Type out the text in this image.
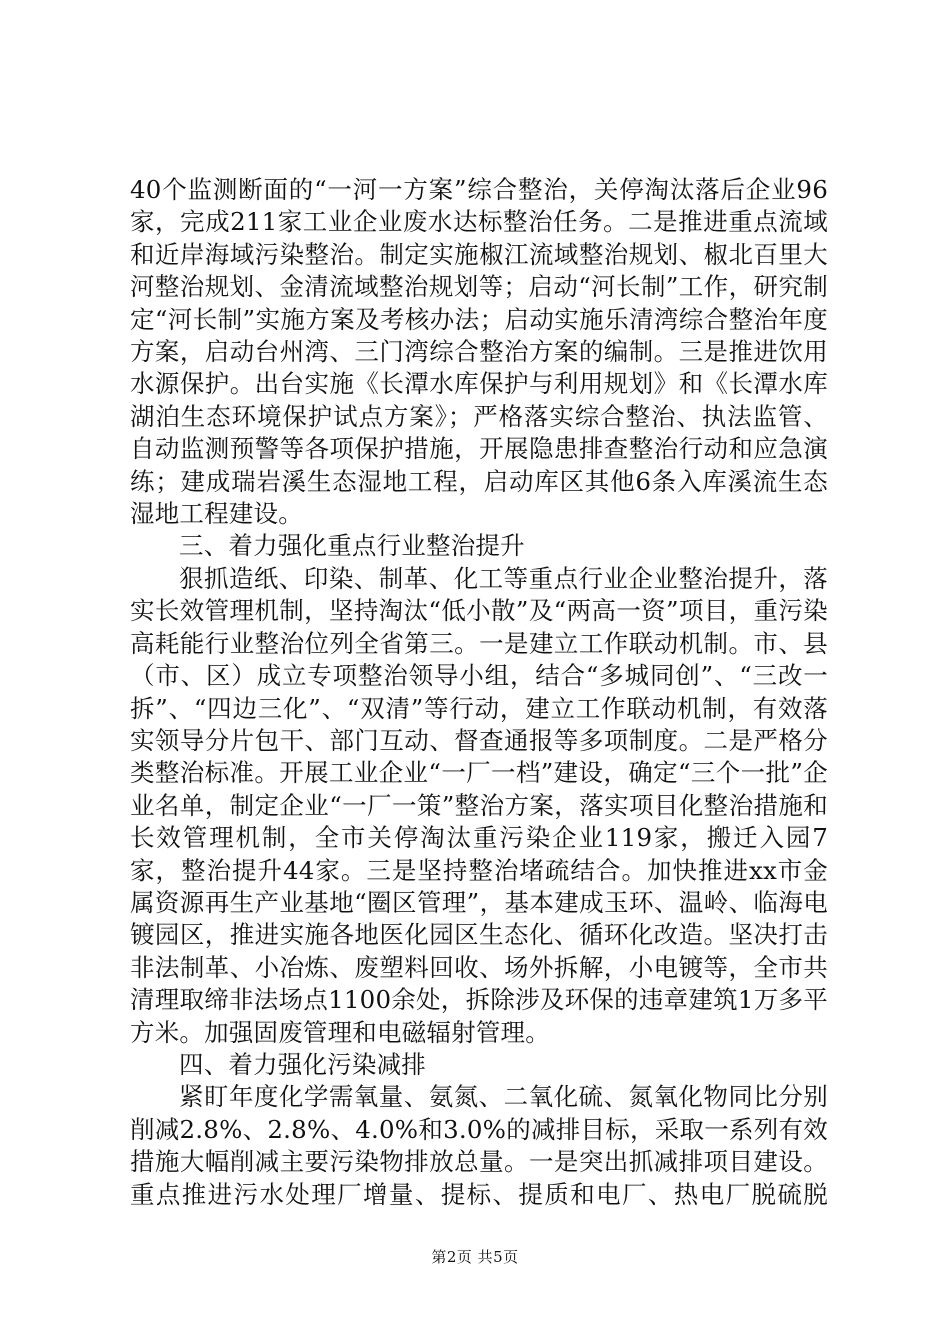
40个监测断面的“一河一方案”综合整治，关停淘汰落后企业96家，完成211家工业企业废水达标整治任务。二是推进重点流域和近岸海域污染整治。制定实施椒江流域整治规划、椒北百里大河整治规划、金清流域整治规划等；启动“河长制”工作，研究制定“河长制”实施方案及考核办法；启动实施乐清湾综合整治年度方案，启动台州湾、三门湾综合整治方案的编制。三是推进饮用水源保护。出台实施《长潭水库保护与利用规划》和《长潭水库湖泊生态环境保护试点方案》；严格落实综合整治、执法监管、自动监测预警等各项保护措施，开展隐患排查整治行动和应急演练；建成瑞岩溪生态湿地工程，启动库区其他6条入库溪流生态湿地工程建设。

三、着力强化重点行业整治提升

狠抓造纸、印染、制革、化工等重点行业企业整治提升，落实长效管理机制，坚持淘汰“低小散”及“两高一资”项目，重污染高耗能行业整治位列全省第三。一是建立工作联动机制。市、县（市、区）成立专项整治领导小组，结合“多城同创”、“三改一拆”、“四边三化”、“双清”等行动，建立工作联动机制，有效落实领导分片包干、部门互动、督查通报等多项制度。二是严格分类整治标准。开展工业企业“一厂一档”建设，确定“三个一批”企业名单，制定企业“一厂一策”整治方案，落实项目化整治措施和长效管理机制，全市关停淘汰重污染企业119家，搬迁入园7家，整治提升44家。三是坚持整治堵疏结合。加快推进xx市金属资源再生产业基地“圈区管理”，基本建成玉环、温岭、临海电镀园区，推进实施各地医化园区生态化、循环化改造。坚决打击非法制革、小冶炼、废塑料回收、场外拆解，小电镀等，全市共清理取缔非法场点1100余处，拆除涉及环保的违章建筑1万多平方米。加强固废管理和电磁辐射管理。

四、着力强化污染减排

紧盯年度化学需氧量、氨氮、二氧化硫、氮氧化物同比分别削减2.8%、2.8%、4.0%和3.0%的减排目标，采取一系列有效措施大幅削减主要污染物排放总量。一是突出抓减排项目建设。重点推进污水处理厂增量、提标、提质和电厂、热电厂脱硫脱

第2页 共5页
